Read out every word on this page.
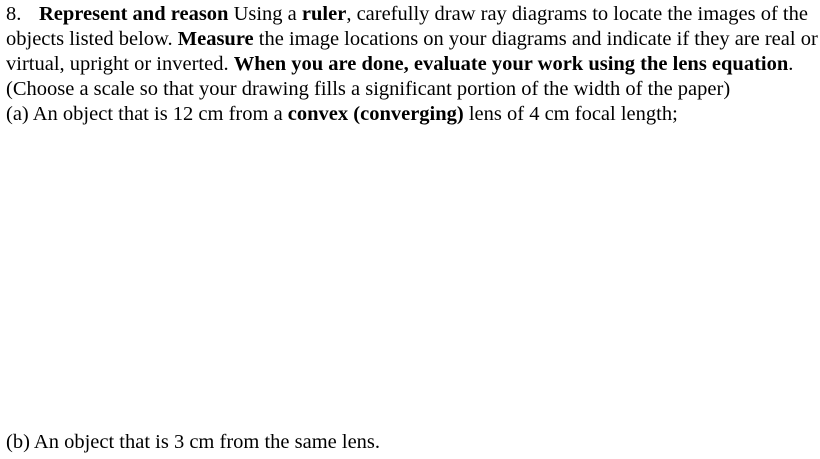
8. Represent and reason Using a ruler, carefully draw ray diagrams to locate the images of the objects listed below. Measure the image locations on your diagrams and indicate if they are real or virtual, upright or inverted. When you are done, evaluate your work using the lens equation. (Choose a scale so that your drawing fills a significant portion of the width of the paper)

(a) An object that is 12 cm from a convex (converging) lens of 4 cm focal length;

(b) An object that is 3 cm from the same lens.
